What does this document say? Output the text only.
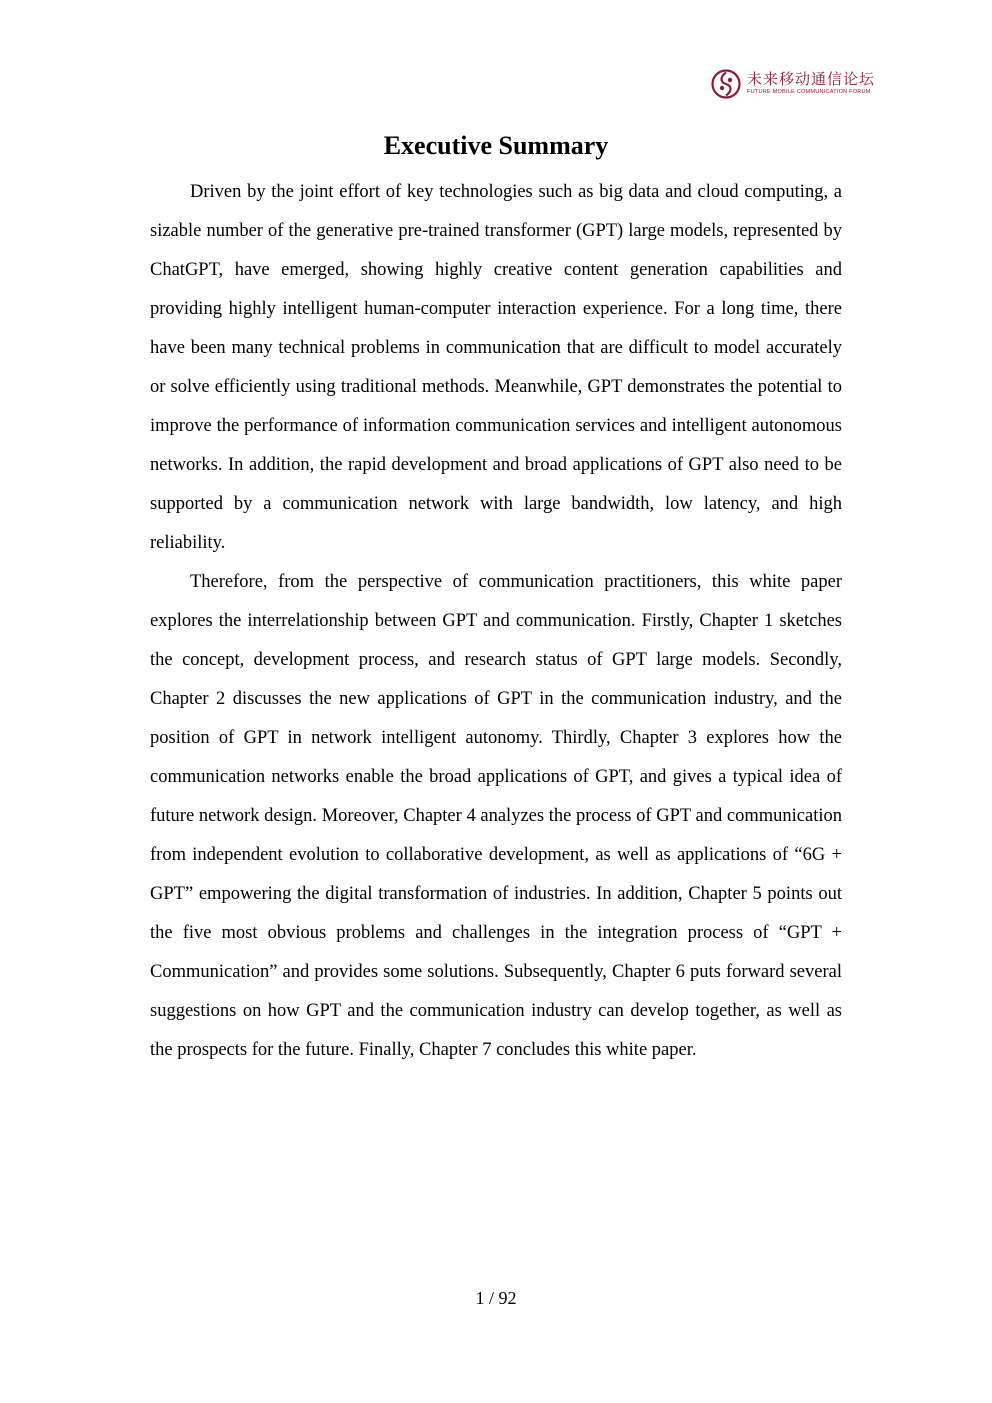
未来移动通信论坛
FUTURE MOBILE COMMUNICATION FORUM
Executive Summary

Driven by the joint effort of key technologies such as big data and cloud computing, a sizable number of the generative pre-trained transformer (GPT) large models, represented by ChatGPT, have emerged, showing highly creative content generation capabilities and providing highly intelligent human-computer interaction experience. For a long time, there have been many technical problems in communication that are difficult to model accurately or solve efficiently using traditional methods. Meanwhile, GPT demonstrates the potential to improve the performance of information communication services and intelligent autonomous networks. In addition, the rapid development and broad applications of GPT also need to be supported by a communication network with large bandwidth, low latency, and high reliability.

Therefore, from the perspective of communication practitioners, this white paper explores the interrelationship between GPT and communication. Firstly, Chapter 1 sketches the concept, development process, and research status of GPT large models. Secondly, Chapter 2 discusses the new applications of GPT in the communication industry, and the position of GPT in network intelligent autonomy. Thirdly, Chapter 3 explores how the communication networks enable the broad applications of GPT, and gives a typical idea of future network design. Moreover, Chapter 4 analyzes the process of GPT and communication from independent evolution to collaborative development, as well as applications of “6G + GPT” empowering the digital transformation of industries. In addition, Chapter 5 points out the five most obvious problems and challenges in the integration process of “GPT + Communication” and provides some solutions. Subsequently, Chapter 6 puts forward several suggestions on how GPT and the communication industry can develop together, as well as the prospects for the future. Finally, Chapter 7 concludes this white paper.

1 / 92
